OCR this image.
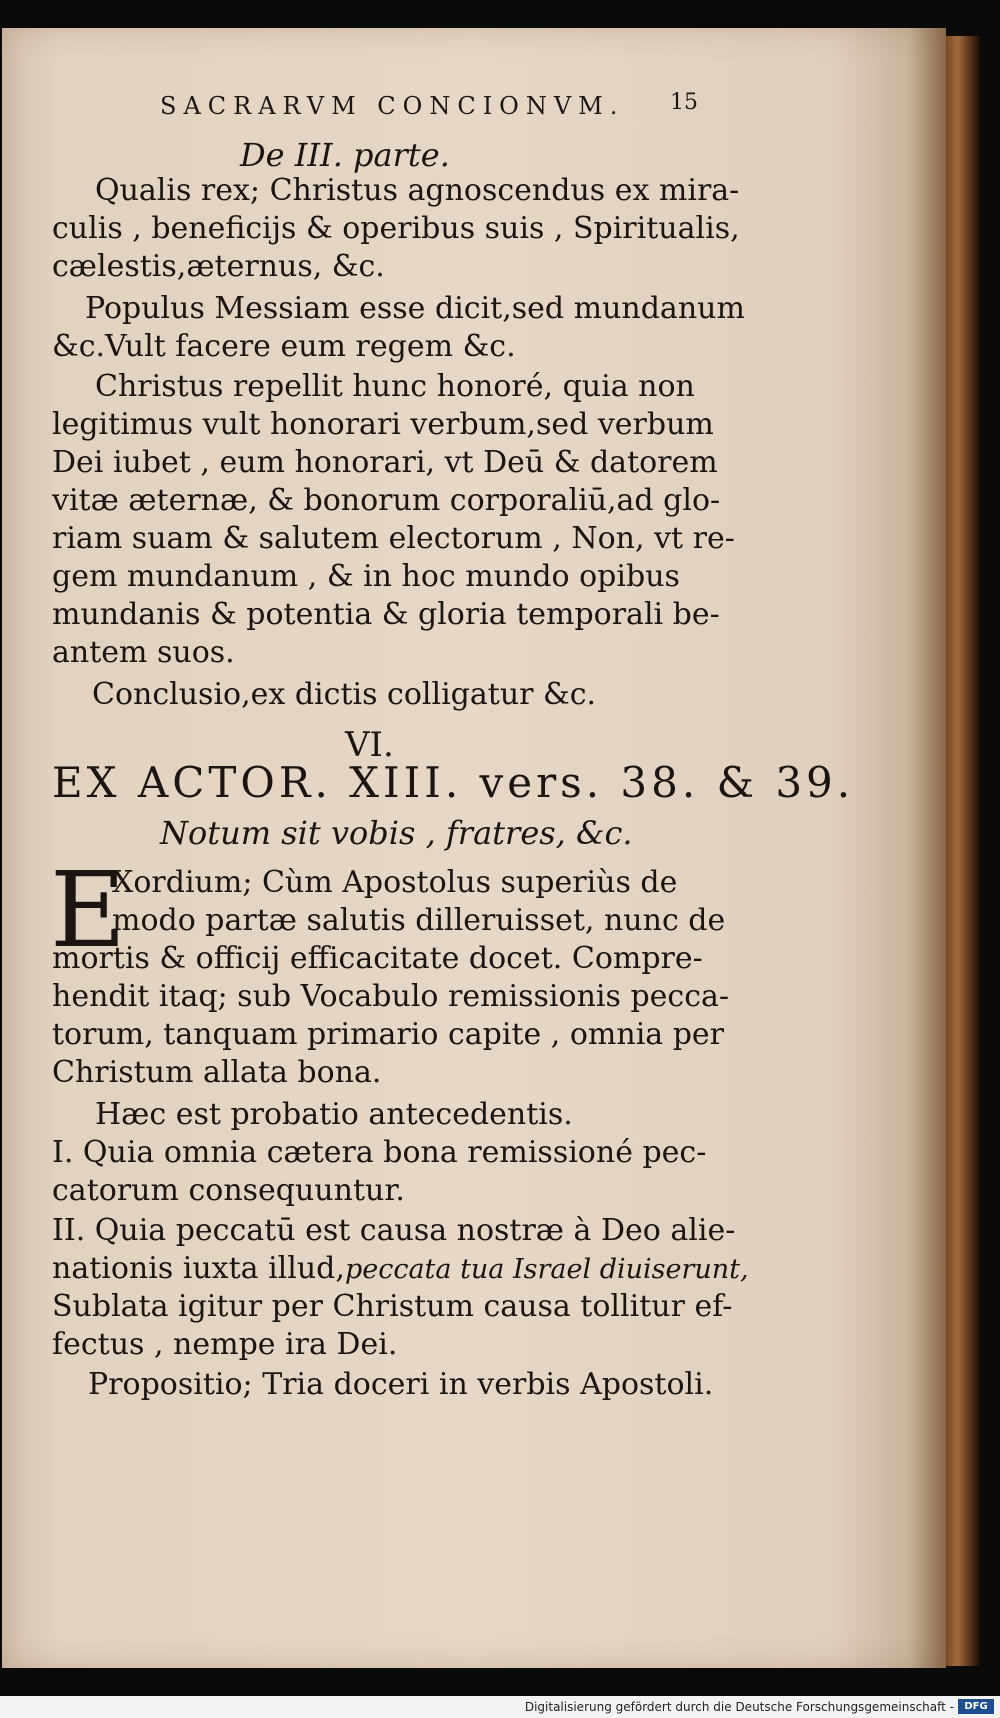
SACRARVM CONCIONVM. 15
De III. parte.
Qualis rex; Christus agnoscendus ex mira-
culis , beneficijs & operibus suis , Spiritualis,
cælestis,æternus, &c.
Populus Messiam esse dicit,sed mundanum
&c.Vult facere eum regem &c.
Christus repellit hunc honoré, quia non
legitimus vult honorari verbum,sed verbum
Dei iubet , eum honorari, vt Deū & datorem
vitæ æternæ, & bonorum corporaliū,ad glo-
riam suam & salutem electorum , Non, vt re-
gem mundanum , & in hoc mundo opibus
mundanis & potentia & gloria temporali be-
antem suos.
Conclusio,ex dictis colligatur &c.
VI.
EX ACTOR. XIII. vers. 38. & 39.
Notum sit vobis , fratres, &c.
E
Xordium; Cùm Apostolus superiùs de
modo partæ salutis dilleruisset, nunc de
mortis & officij efficacitate docet. Compre-
hendit itaq; sub Vocabulo remissionis pecca-
torum, tanquam primario capite , omnia per
Christum allata bona.
Hæc est probatio antecedentis.
I. Quia omnia cætera bona remissioné pec-
catorum consequuntur.
II. Quia peccatū est causa nostræ à Deo alie-
nationis iuxta illud,peccata tua Israel diuiserunt,
Sublata igitur per Christum causa tollitur ef-
fectus , nempe ira Dei.
Propositio; Tria doceri in verbis Apostoli.
Digitalisierung gefördert durch die Deutsche Forschungsgemeinschaft -	DFG
